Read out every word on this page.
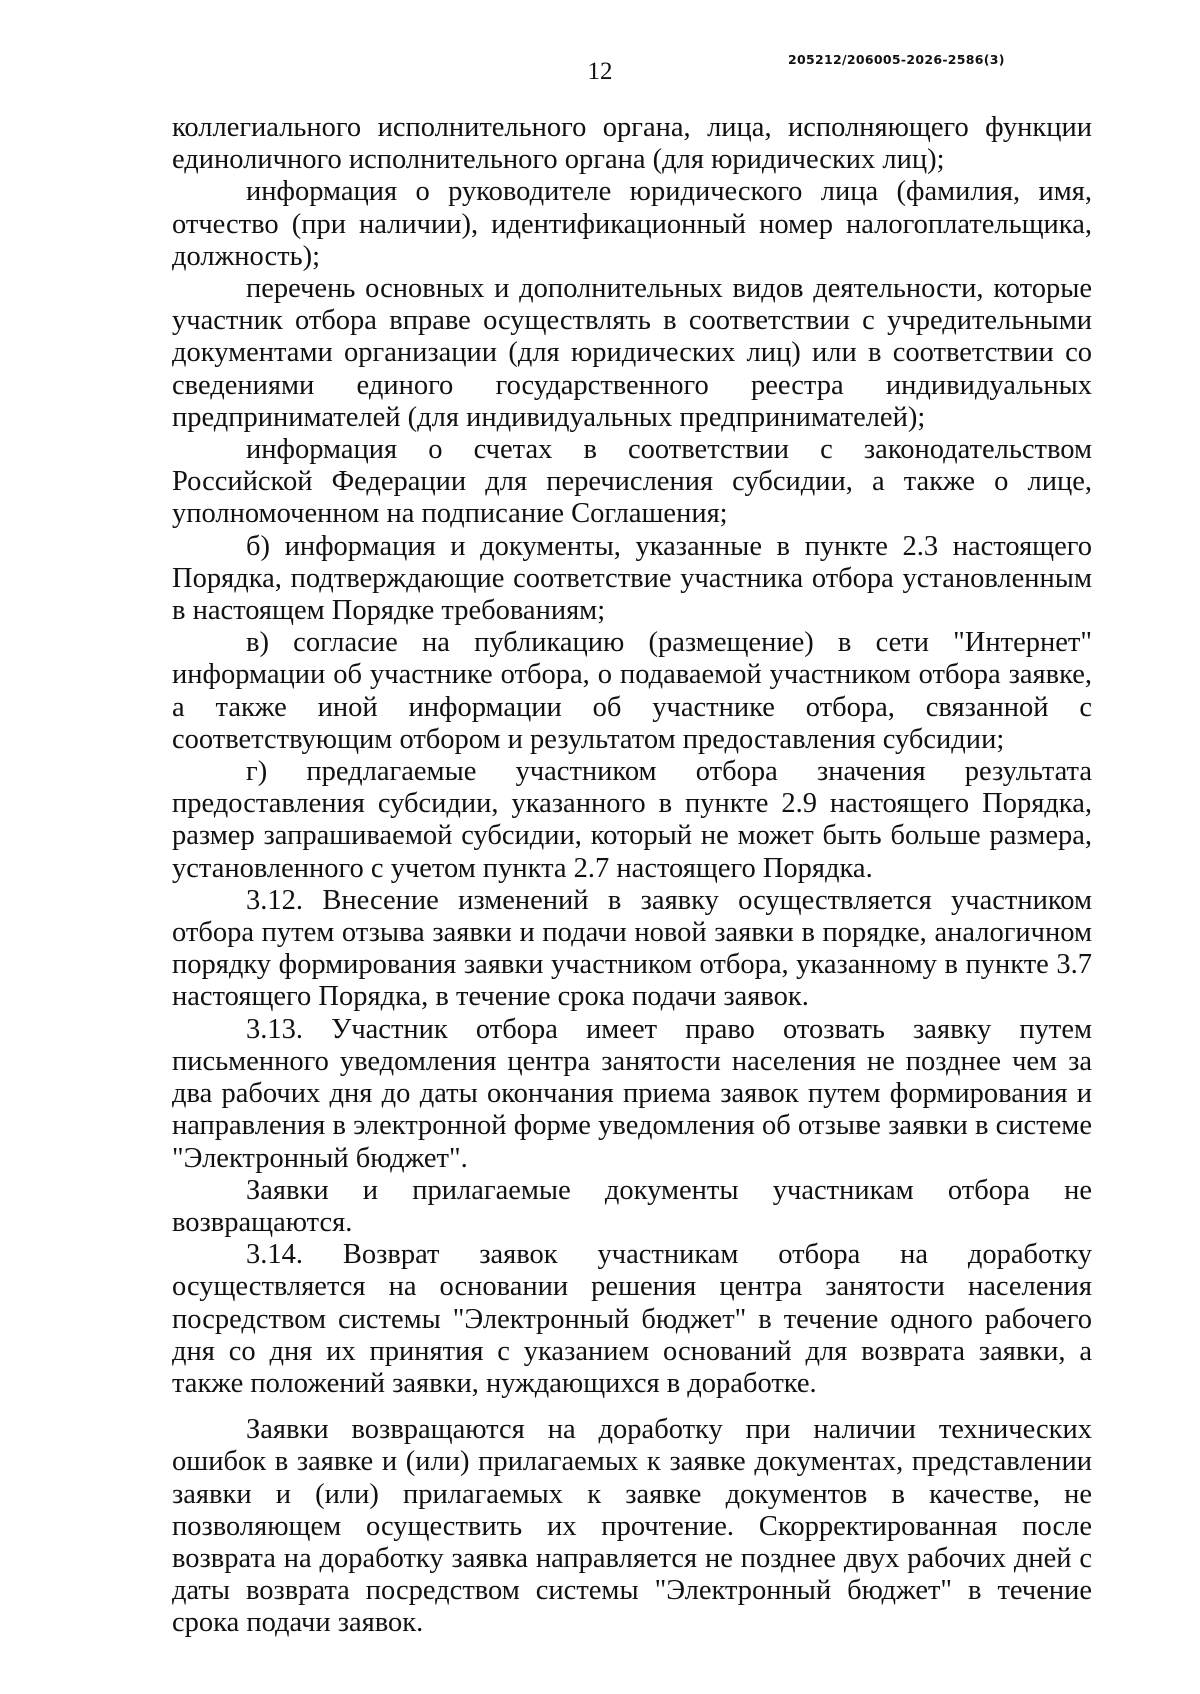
12	205212/206005-2026-2586(3)

коллегиального исполнительного органа, лица, исполняющего функции единоличного исполнительного органа (для юридических лиц);

информация о руководителе юридического лица (фамилия, имя, отчество (при наличии), идентификационный номер налогоплательщика, должность);

перечень основных и дополнительных видов деятельности, которые участник отбора вправе осуществлять в соответствии с учредительными документами организации (для юридических лиц) или в соответствии со сведениями единого государственного реестра индивидуальных предпринимателей (для индивидуальных предпринимателей);

информация о счетах в соответствии с законодательством Российской Федерации для перечисления субсидии, а также о лице, уполномоченном на подписание Соглашения;

б) информация и документы, указанные в пункте 2.3 настоящего Порядка, подтверждающие соответствие участника отбора установленным в настоящем Порядке требованиям;

в) согласие на публикацию (размещение) в сети "Интернет" информации об участнике отбора, о подаваемой участником отбора заявке, а также иной информации об участнике отбора, связанной с соответствующим отбором и результатом предоставления субсидии;

г) предлагаемые участником отбора значения результата предоставления субсидии, указанного в пункте 2.9 настоящего Порядка, размер запрашиваемой субсидии, который не может быть больше размера, установленного с учетом пункта 2.7 настоящего Порядка.

3.12. Внесение изменений в заявку осуществляется участником отбора путем отзыва заявки и подачи новой заявки в порядке, аналогичном порядку формирования заявки участником отбора, указанному в пункте 3.7 настоящего Порядка, в течение срока подачи заявок.

3.13. Участник отбора имеет право отозвать заявку путем письменного уведомления центра занятости населения не позднее чем за два рабочих дня до даты окончания приема заявок путем формирования и направления в электронной форме уведомления об отзыве заявки в системе "Электронный бюджет".

Заявки и прилагаемые документы участникам отбора не возвращаются.

3.14. Возврат заявок участникам отбора на доработку осуществляется на основании решения центра занятости населения посредством системы "Электронный бюджет" в течение одного рабочего дня со дня их принятия с указанием оснований для возврата заявки, а также положений заявки, нуждающихся в доработке.

Заявки возвращаются на доработку при наличии технических ошибок в заявке и (или) прилагаемых к заявке документах, представлении заявки и (или) прилагаемых к заявке документов в качестве, не позволяющем осуществить их прочтение. Скорректированная после возврата на доработку заявка направляется не позднее двух рабочих дней с даты возврата посредством системы "Электронный бюджет" в течение срока подачи заявок.
